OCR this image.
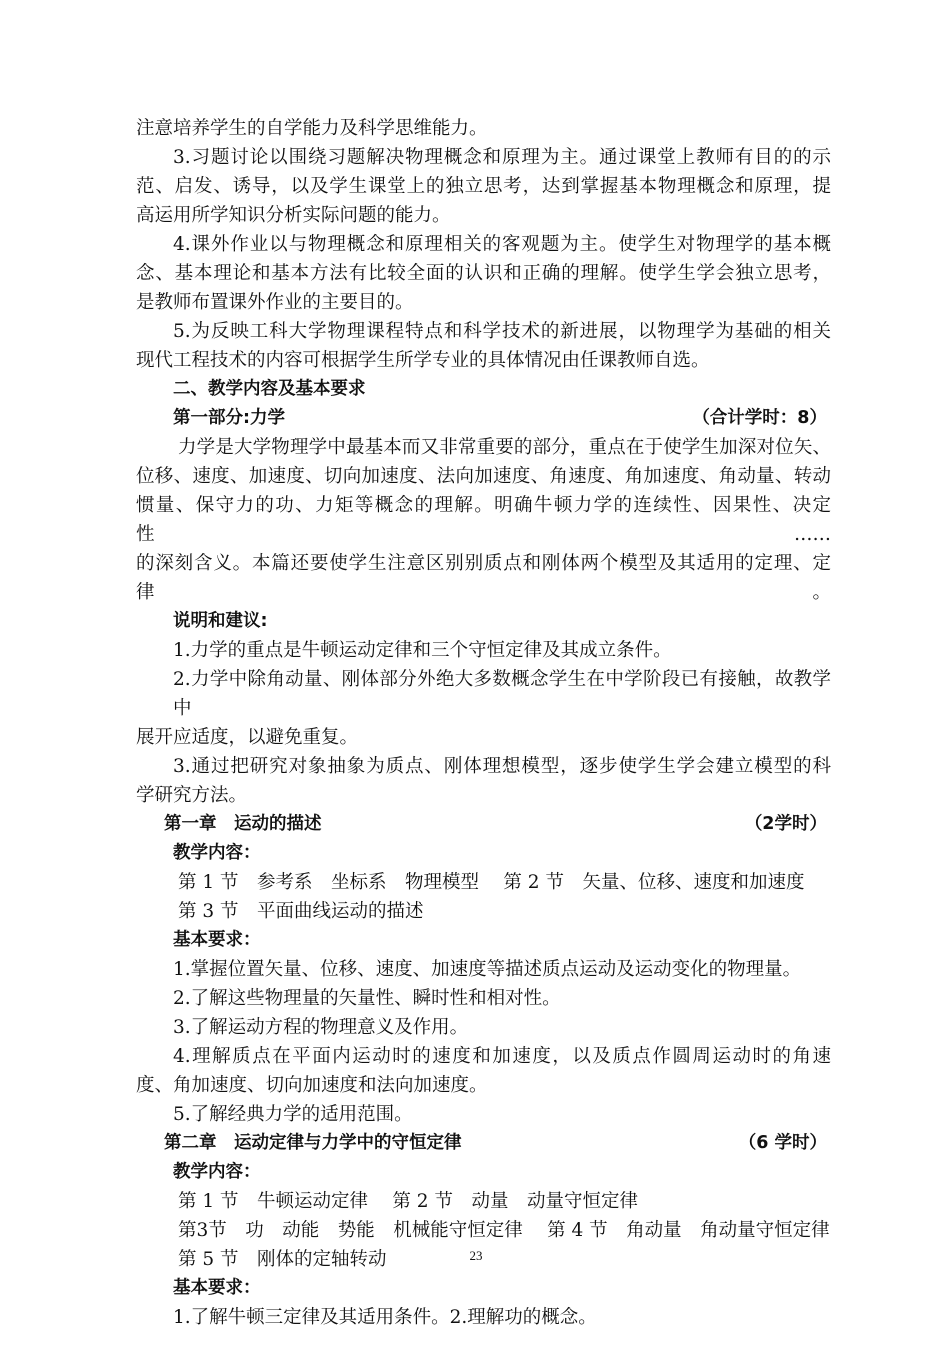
注意培养学生的自学能力及科学思维能力。
3.习题讨论以围绕习题解决物理概念和原理为主。通过课堂上教师有目的的示
范、启发、诱导，以及学生课堂上的独立思考，达到掌握基本物理概念和原理，提
高运用所学知识分析实际问题的能力。
4.课外作业以与物理概念和原理相关的客观题为主。使学生对物理学的基本概
念、基本理论和基本方法有比较全面的认识和正确的理解。使学生学会独立思考，
是教师布置课外作业的主要目的。
5.为反映工科大学物理课程特点和科学技术的新进展，以物理学为基础的相关
现代工程技术的内容可根据学生所学专业的具体情况由任课教师自选。
二、教学内容及基本要求
第一部分:力学	（合计学时：8）
力学是大学物理学中最基本而又非常重要的部分，重点在于使学生加深对位矢、
位移、速度、加速度、切向加速度、法向加速度、角速度、角加速度、角动量、转动
惯量、保守力的功、力矩等概念的理解。明确牛顿力学的连续性、因果性、决定性……
的深刻含义。本篇还要使学生注意区别别质点和刚体两个模型及其适用的定理、定律。
说明和建议:
1.力学的重点是牛顿运动定律和三个守恒定律及其成立条件。
2.力学中除角动量、刚体部分外绝大多数概念学生在中学阶段已有接触，故教学中
展开应适度，以避免重复。
3.通过把研究对象抽象为质点、刚体理想模型，逐步使学生学会建立模型的科
学研究方法。
第一章　运动的描述	（2学时）
教学内容：
第 1 节　参考系　坐标系　物理模型　 第 2 节　矢量、位移、速度和加速度
第 3 节　平面曲线运动的描述
基本要求：
1.掌握位置矢量、位移、速度、加速度等描述质点运动及运动变化的物理量。
2.了解这些物理量的矢量性、瞬时性和相对性。
3.了解运动方程的物理意义及作用。
4.理解质点在平面内运动时的速度和加速度，以及质点作圆周运动时的角速
度、角加速度、切向加速度和法向加速度。
5.了解经典力学的适用范围。
第二章　运动定律与力学中的守恒定律	（6 学时）
教学内容：
第 1 节　牛顿运动定律　 第 2 节　动量　动量守恒定律
第3节　功　动能　势能　机械能守恒定律　 第 4 节　角动量　角动量守恒定律
第 5 节　刚体的定轴转动
基本要求：
1.了解牛顿三定律及其适用条件。2.理解功的概念。
23
